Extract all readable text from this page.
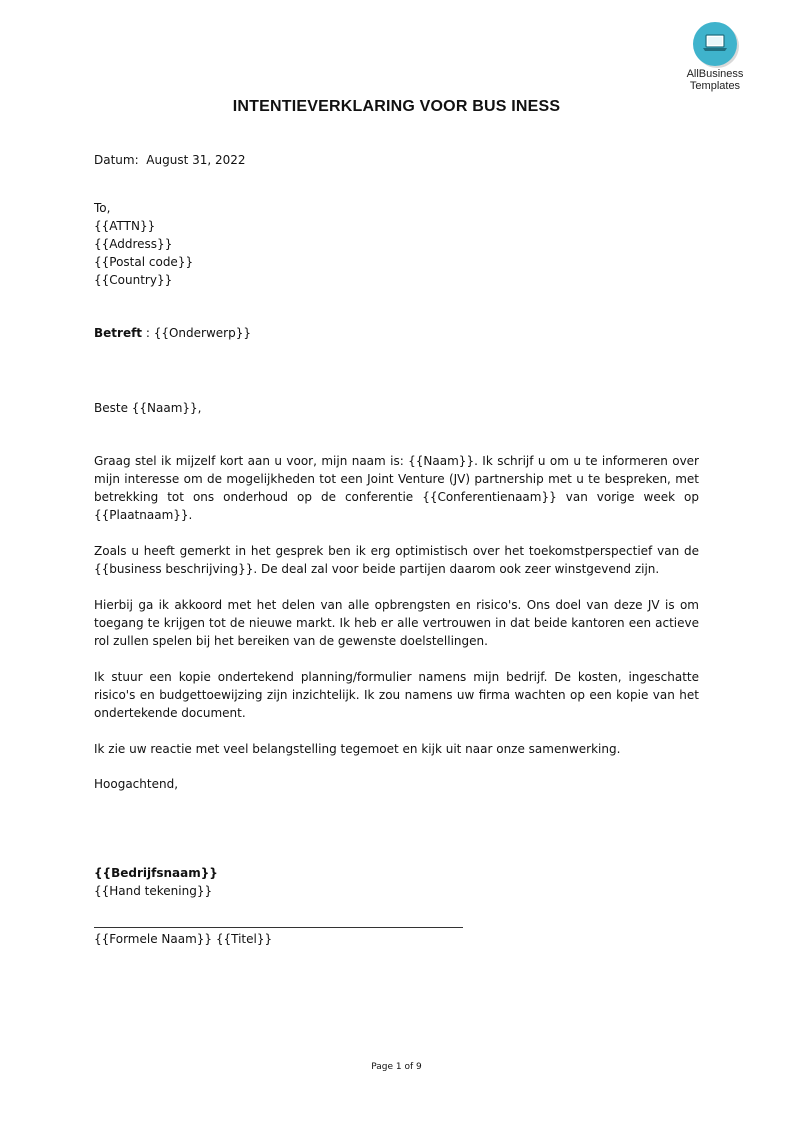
AllBusiness
Templates
INTENTIEVERKLARING VOOR BUS INESS
Datum: August 31, 2022
To,
{{ATTN}}
{{Address}}
{{Postal code}}
{{Country}}
Betreft : {{Onderwerp}}
Beste {{Naam}},
Graag stel ik mijzelf kort aan u voor, mijn naam is: {{Naam}}. Ik schrijf u om u te informeren over mijn interesse om de mogelijkheden tot een Joint Venture (JV) partnership met u te bespreken, met betrekking tot ons onderhoud op de conferentie {{Conferentienaam}} van vorige week op {{Plaatnaam}}.
Zoals u heeft gemerkt in het gesprek ben ik erg optimistisch over het toekomstperspectief van de {{business beschrijving}}. De deal zal voor beide partijen daarom ook zeer winstgevend zijn.
Hierbij ga ik akkoord met het delen van alle opbrengsten en risico's. Ons doel van deze JV is om toegang te krijgen tot de nieuwe markt. Ik heb er alle vertrouwen in dat beide kantoren een actieve rol zullen spelen bij het bereiken van de gewenste doelstellingen.
Ik stuur een kopie ondertekend planning/formulier namens mijn bedrijf. De kosten, ingeschatte risico's en budgettoewijzing zijn inzichtelijk. Ik zou namens uw firma wachten op een kopie van het ondertekende document.
Ik zie uw reactie met veel belangstelling tegemoet en kijk uit naar onze samenwerking.
Hoogachtend,
{{Bedrijfsnaam}}
{{Hand tekening}}
{{Formele Naam}} {{Titel}}
Page 1 of 9
